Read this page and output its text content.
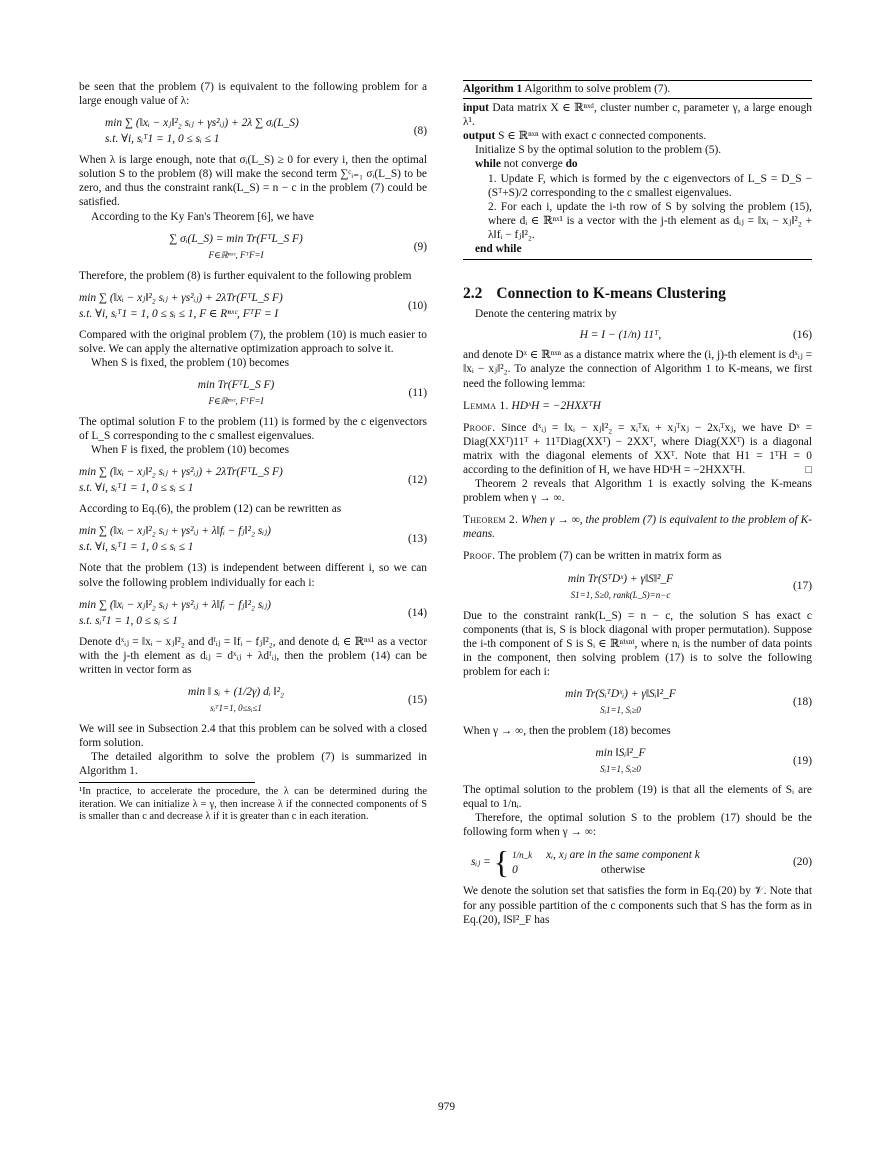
be seen that the problem (7) is equivalent to the following problem for a large enough value of λ:

min ∑ (‖xᵢ − xⱼ‖²₂ sᵢⱼ + γs²ᵢⱼ) + 2λ ∑ σᵢ(L_S)
s.t. ∀i, sᵢᵀ1 = 1, 0 ≤ sᵢ ≤ 1
(8)

When λ is large enough, note that σᵢ(L_S) ≥ 0 for every i, then the optimal solution S to the problem (8) will make the second term ∑ᶜᵢ₌₁ σᵢ(L_S) to be zero, and thus the constraint rank(L_S) = n − c in the problem (7) could be satisfied.

According to the Ky Fan's Theorem [6], we have

∑ σᵢ(L_S) = min Tr(FᵀL_S F)
F∈ℝⁿˣᶜ, FᵀF=I
(9)

Therefore, the problem (8) is further equivalent to the following problem

min ∑ (‖xᵢ − xⱼ‖²₂ sᵢⱼ + γs²ᵢⱼ) + 2λTr(FᵀL_S F)
s.t. ∀i, sᵢᵀ1 = 1, 0 ≤ sᵢ ≤ 1, F ∈ Rⁿˣᶜ, FᵀF = I
(10)

Compared with the original problem (7), the problem (10) is much easier to solve. We can apply the alternative optimization approach to solve it.

When S is fixed, the problem (10) becomes

min Tr(FᵀL_S F)
F∈ℝⁿˣᶜ, FᵀF=I
(11)

The optimal solution F to the problem (11) is formed by the c eigenvectors of L_S corresponding to the c smallest eigenvalues.

When F is fixed, the problem (10) becomes

min ∑ (‖xᵢ − xⱼ‖²₂ sᵢⱼ + γs²ᵢⱼ) + 2λTr(FᵀL_S F)
s.t. ∀i, sᵢᵀ1 = 1, 0 ≤ sᵢ ≤ 1
(12)

According to Eq.(6), the problem (12) can be rewritten as

min ∑ (‖xᵢ − xⱼ‖²₂ sᵢⱼ + γs²ᵢⱼ + λ‖fᵢ − fⱼ‖²₂ sᵢⱼ)
s.t. ∀i, sᵢᵀ1 = 1, 0 ≤ sᵢ ≤ 1
(13)

Note that the problem (13) is independent between different i, so we can solve the following problem individually for each i:

min ∑ (‖xᵢ − xⱼ‖²₂ sᵢⱼ + γs²ᵢⱼ + λ‖fᵢ − fⱼ‖²₂ sᵢⱼ)
s.t. sᵢᵀ1 = 1, 0 ≤ sᵢ ≤ 1
(14)

Denote dˣᵢⱼ = ‖xᵢ − xⱼ‖²₂ and dᶠᵢⱼ = ‖fᵢ − fⱼ‖²₂, and denote dᵢ ∈ ℝⁿˣ¹ as a vector with the j-th element as dᵢⱼ = dˣᵢⱼ + λdᶠᵢⱼ, then the problem (14) can be written in vector form as

min ‖ sᵢ + (1/2γ) dᵢ ‖²₂
sᵢᵀ1=1, 0≤sᵢ≤1
(15)

We will see in Subsection 2.4 that this problem can be solved with a closed form solution.

The detailed algorithm to solve the problem (7) is summarized in Algorithm 1.

¹In practice, to accelerate the procedure, the λ can be determined during the iteration. We can initialize λ = γ, then increase λ if the connected components of S is smaller than c and decrease λ if it is greater than c in each iteration.

Algorithm 1 Algorithm to solve problem (7).
input Data matrix X ∈ ℝⁿˣᵈ, cluster number c, parameter γ, a large enough λ¹.
output S ∈ ℝⁿˣⁿ with exact c connected components.
Initialize S by the optimal solution to the problem (5).
while not converge do
1. Update F, which is formed by the c eigenvectors of L_S = D_S − (Sᵀ+S)/2 corresponding to the c smallest eigenvalues.
2. For each i, update the i-th row of S by solving the problem (15), where dᵢ ∈ ℝⁿˣ¹ is a vector with the j-th element as dᵢⱼ = ‖xᵢ − xⱼ‖²₂ + λ‖fᵢ − fⱼ‖²₂.
end while
2.2 Connection to K-means Clustering

Denote the centering matrix by

H = I − (1/n) 11ᵀ,	(16)

and denote Dˣ ∈ ℝⁿˣⁿ as a distance matrix where the (i, j)-th element is dˣᵢⱼ = ‖xᵢ − xⱼ‖²₂. To analyze the connection of Algorithm 1 to K-means, we first need the following lemma:

Lemma 1. HDˣH = −2HXXᵀH

Proof. Since dˣᵢⱼ = ‖xᵢ − xⱼ‖²₂ = xᵢᵀxᵢ + xⱼᵀxⱼ − 2xᵢᵀxⱼ, we have Dˣ = Diag(XXᵀ)11ᵀ + 11ᵀDiag(XXᵀ) − 2XXᵀ, where Diag(XXᵀ) is a diagonal matrix with the diagonal elements of XXᵀ. Note that H1 = 1ᵀH = 0 according to the definition of H, we have HDˣH = −2HXXᵀH.	□

Theorem 2 reveals that Algorithm 1 is exactly solving the K-means problem when γ → ∞.

Theorem 2. When γ → ∞, the problem (7) is equivalent to the problem of K-means.

Proof. The problem (7) can be written in matrix form as

min Tr(SᵀDˣ) + γ‖S‖²_F
S1=1, S≥0, rank(L_S)=n−c
(17)

Due to the constraint rank(L_S) = n − c, the solution S has exact c components (that is, S is block diagonal with proper permutation). Suppose the i-th component of S is Sᵢ ∈ ℝⁿⁱˣⁿⁱ, where nᵢ is the number of data points in the component, then solving problem (17) is to solve the following problem for each i:

min Tr(SᵢᵀDˣᵢ) + γ‖Sᵢ‖²_F
Sᵢ1=1, Sᵢ≥0
(18)

When γ → ∞, then the problem (18) becomes

min ‖Sᵢ‖²_F
Sᵢ1=1, Sᵢ≥0
(19)

The optimal solution to the problem (19) is that all the elements of Sᵢ are equal to 1/nᵢ.

Therefore, the optimal solution S to the problem (17) should be the following form when γ → ∞:

sᵢⱼ = { 1/n_k xᵢ, xⱼ are in the same component k
0	otherwise
(20)

We denote the solution set that satisfies the form in Eq.(20) by 𝒱. Note that for any possible partition of the c components such that S has the form as in Eq.(20), ‖S‖²_F has

979
